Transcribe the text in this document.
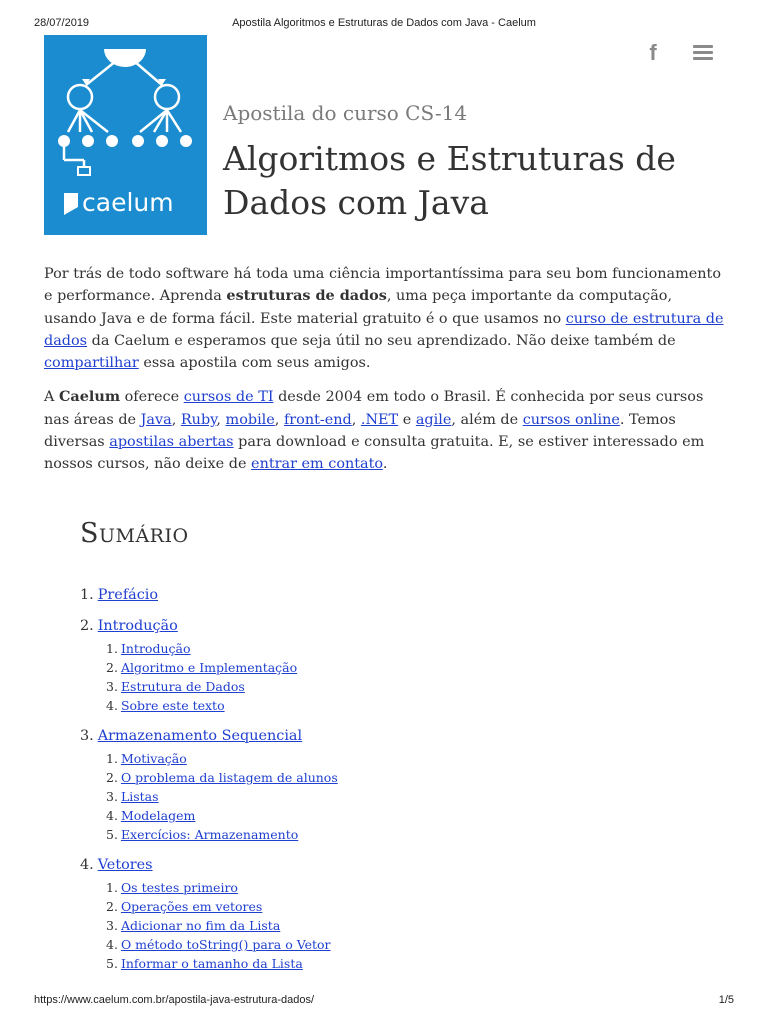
28/07/2019	Apostila Algoritmos e Estruturas de Dados com Java - Caelum
caelum
f
Apostila do curso CS-14
Algoritmos e Estruturas de
Dados com Java

Por trás de todo software há toda uma ciência importantíssima para seu bom funcionamento e performance. Aprenda estruturas de dados, uma peça importante da computação, usando Java e de forma fácil. Este material gratuito é o que usamos no curso de estrutura de dados da Caelum e esperamos que seja útil no seu aprendizado. Não deixe também de compartilhar essa apostila com seus amigos.

A Caelum oferece cursos de TI desde 2004 em todo o Brasil. É conhecida por seus cursos nas áreas de Java, Ruby, mobile, front-end, .NET e agile, além de cursos online. Temos diversas apostilas abertas para download e consulta gratuita. E, se estiver interessado em nossos cursos, não deixe de entrar em contato.

Sumário
1. Prefácio
2. Introdução
1. Introdução
2. Algoritmo e Implementação
3. Estrutura de Dados
4. Sobre este texto
3. Armazenamento Sequencial
1. Motivação
2. O problema da listagem de alunos
3. Listas
4. Modelagem
5. Exercícios: Armazenamento
4. Vetores
1. Os testes primeiro
2. Operações em vetores
3. Adicionar no fim da Lista
4. O método toString() para o Vetor
5. Informar o tamanho da Lista
https://www.caelum.com.br/apostila-java-estrutura-dados/	1/5
